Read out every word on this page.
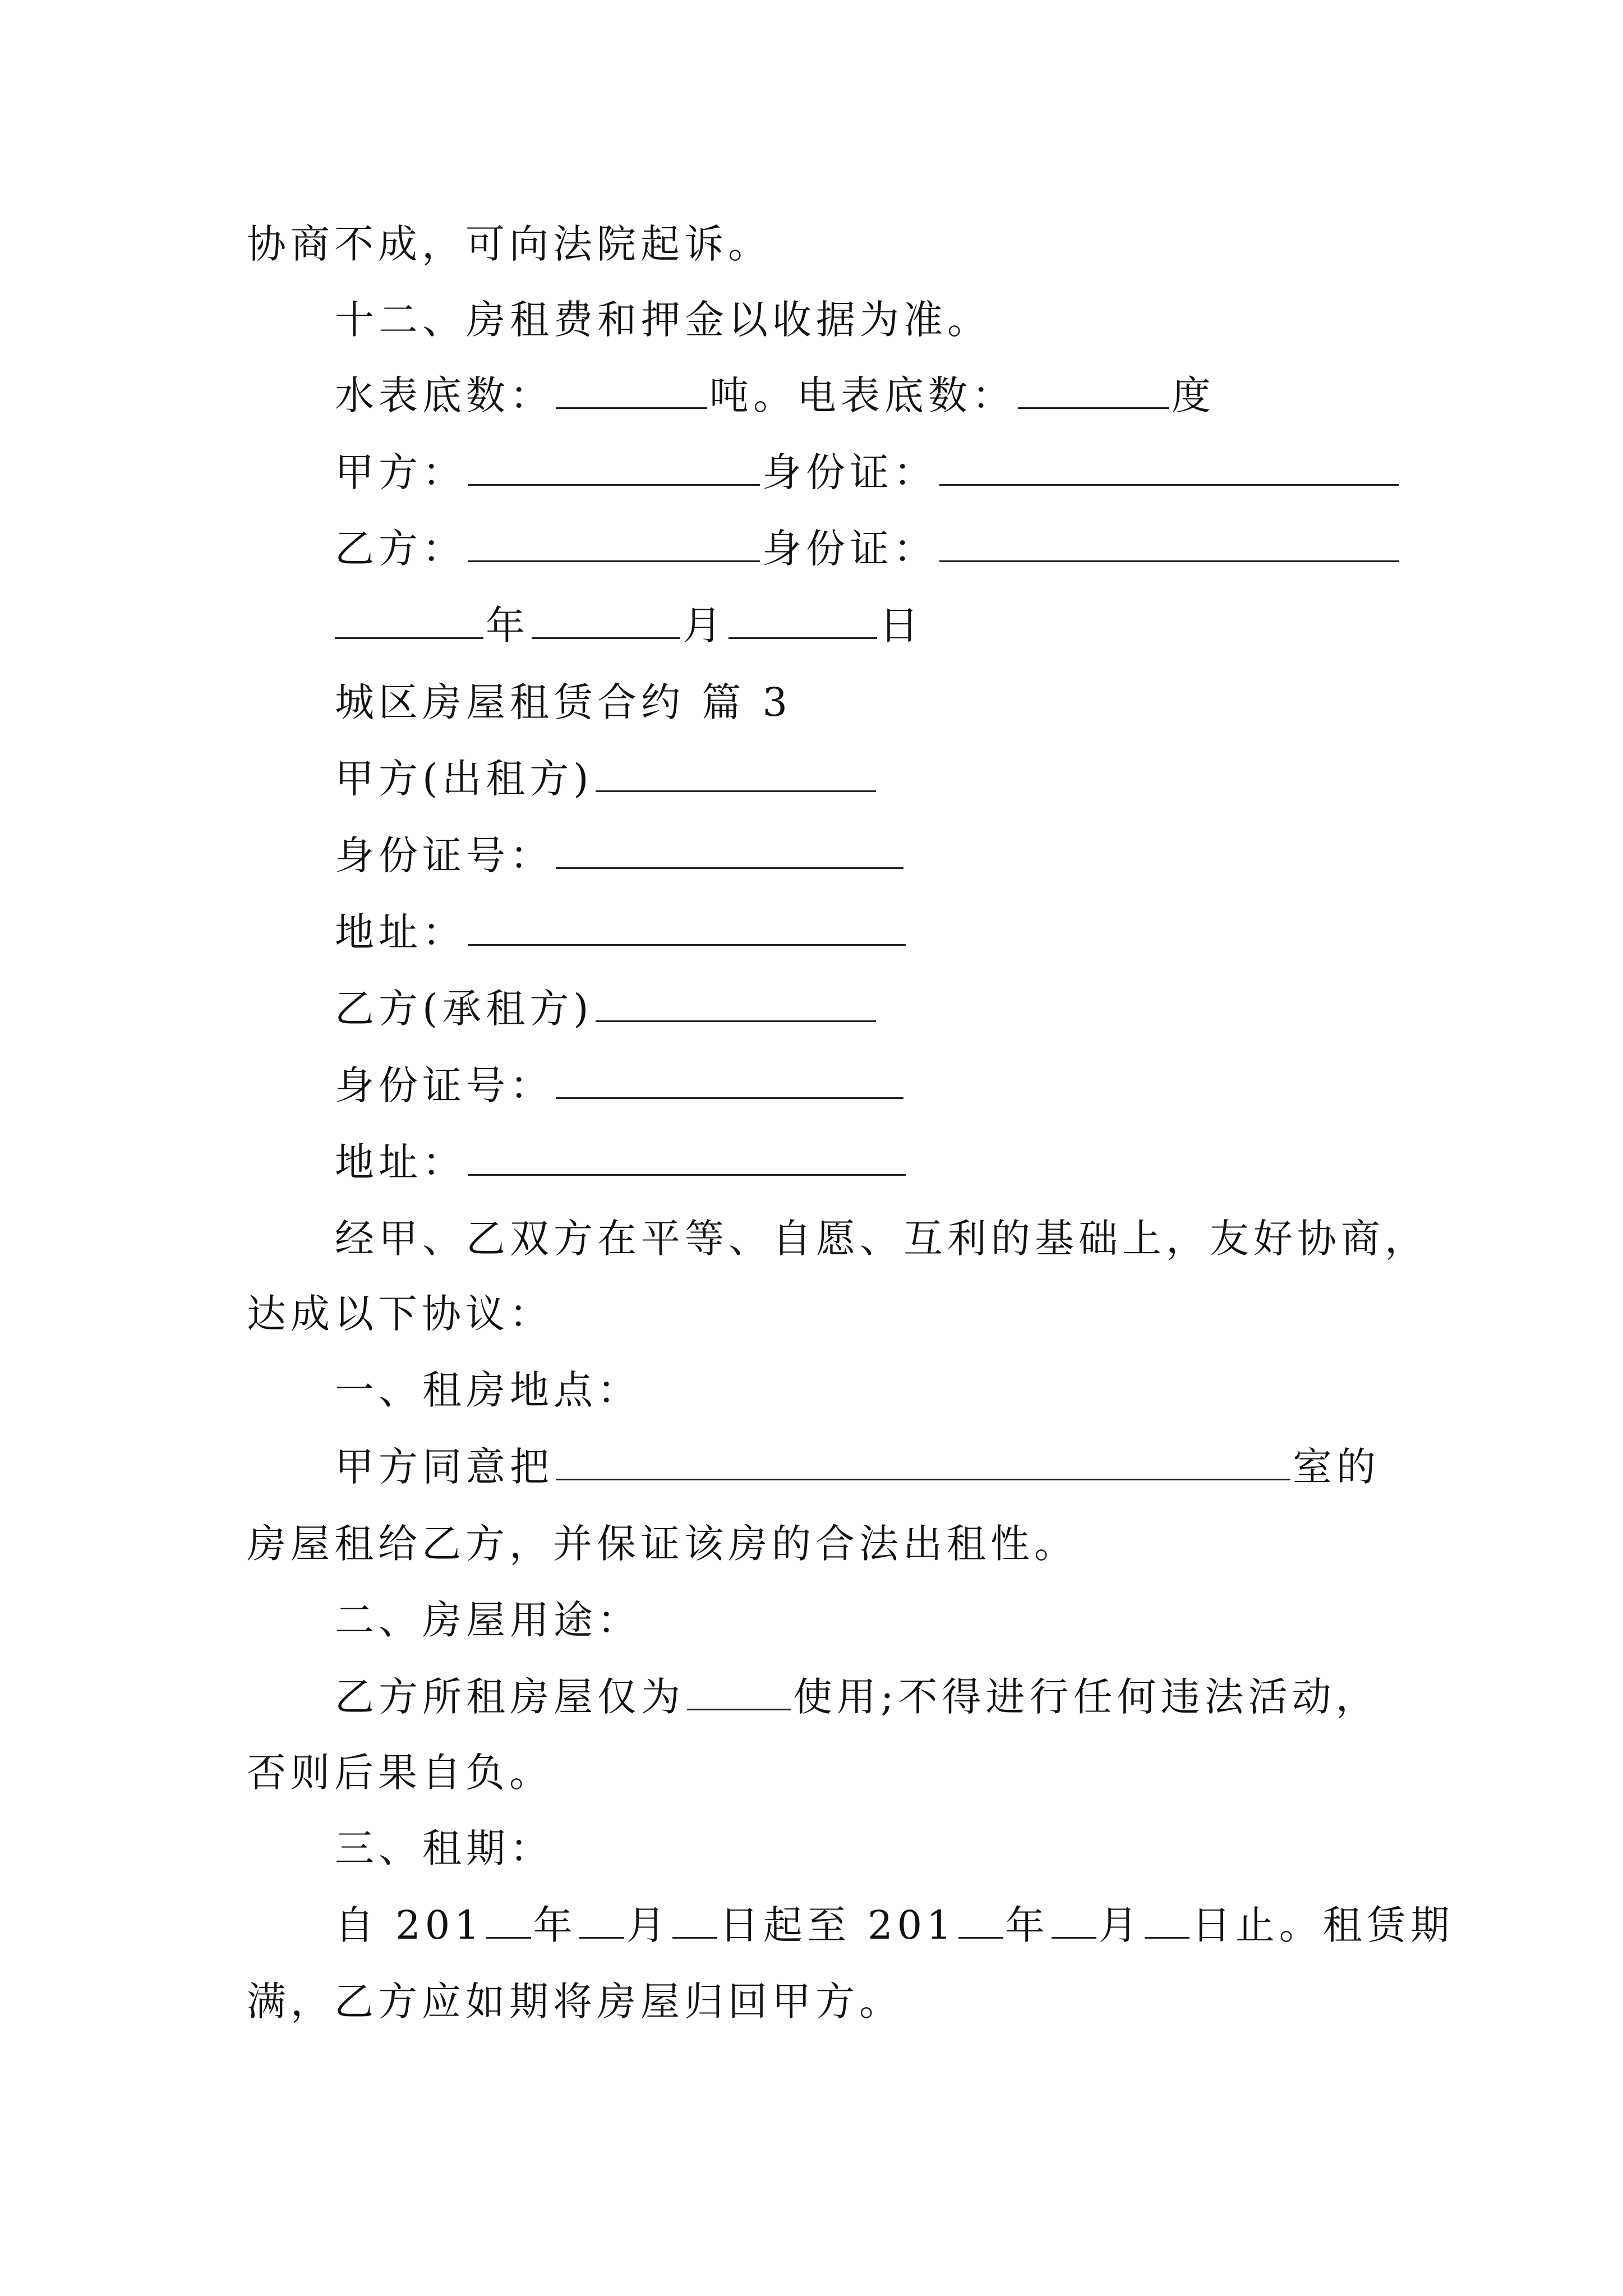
协商不成，可向法院起诉。
十二、房租费和押金以收据为准。
水表底数：	吨。电表底数：	度
甲方：	身份证：
乙方：	身份证：
年	月	日
城区房屋租赁合约 篇 3
甲方(出租方)
身份证号：
地址：
乙方(承租方)
身份证号：
地址：
经甲、乙双方在平等、自愿、互利的基础上，友好协商，
达成以下协议：
一、租房地点：
甲方同意把	室的
房屋租给乙方，并保证该房的合法出租性。
二、房屋用途：
乙方所租房屋仅为	使用;不得进行任何违法活动，
否则后果自负。
三、租期：
自 201 年 月 日起至 201 年 月 日止。租赁期
满，乙方应如期将房屋归回甲方。
